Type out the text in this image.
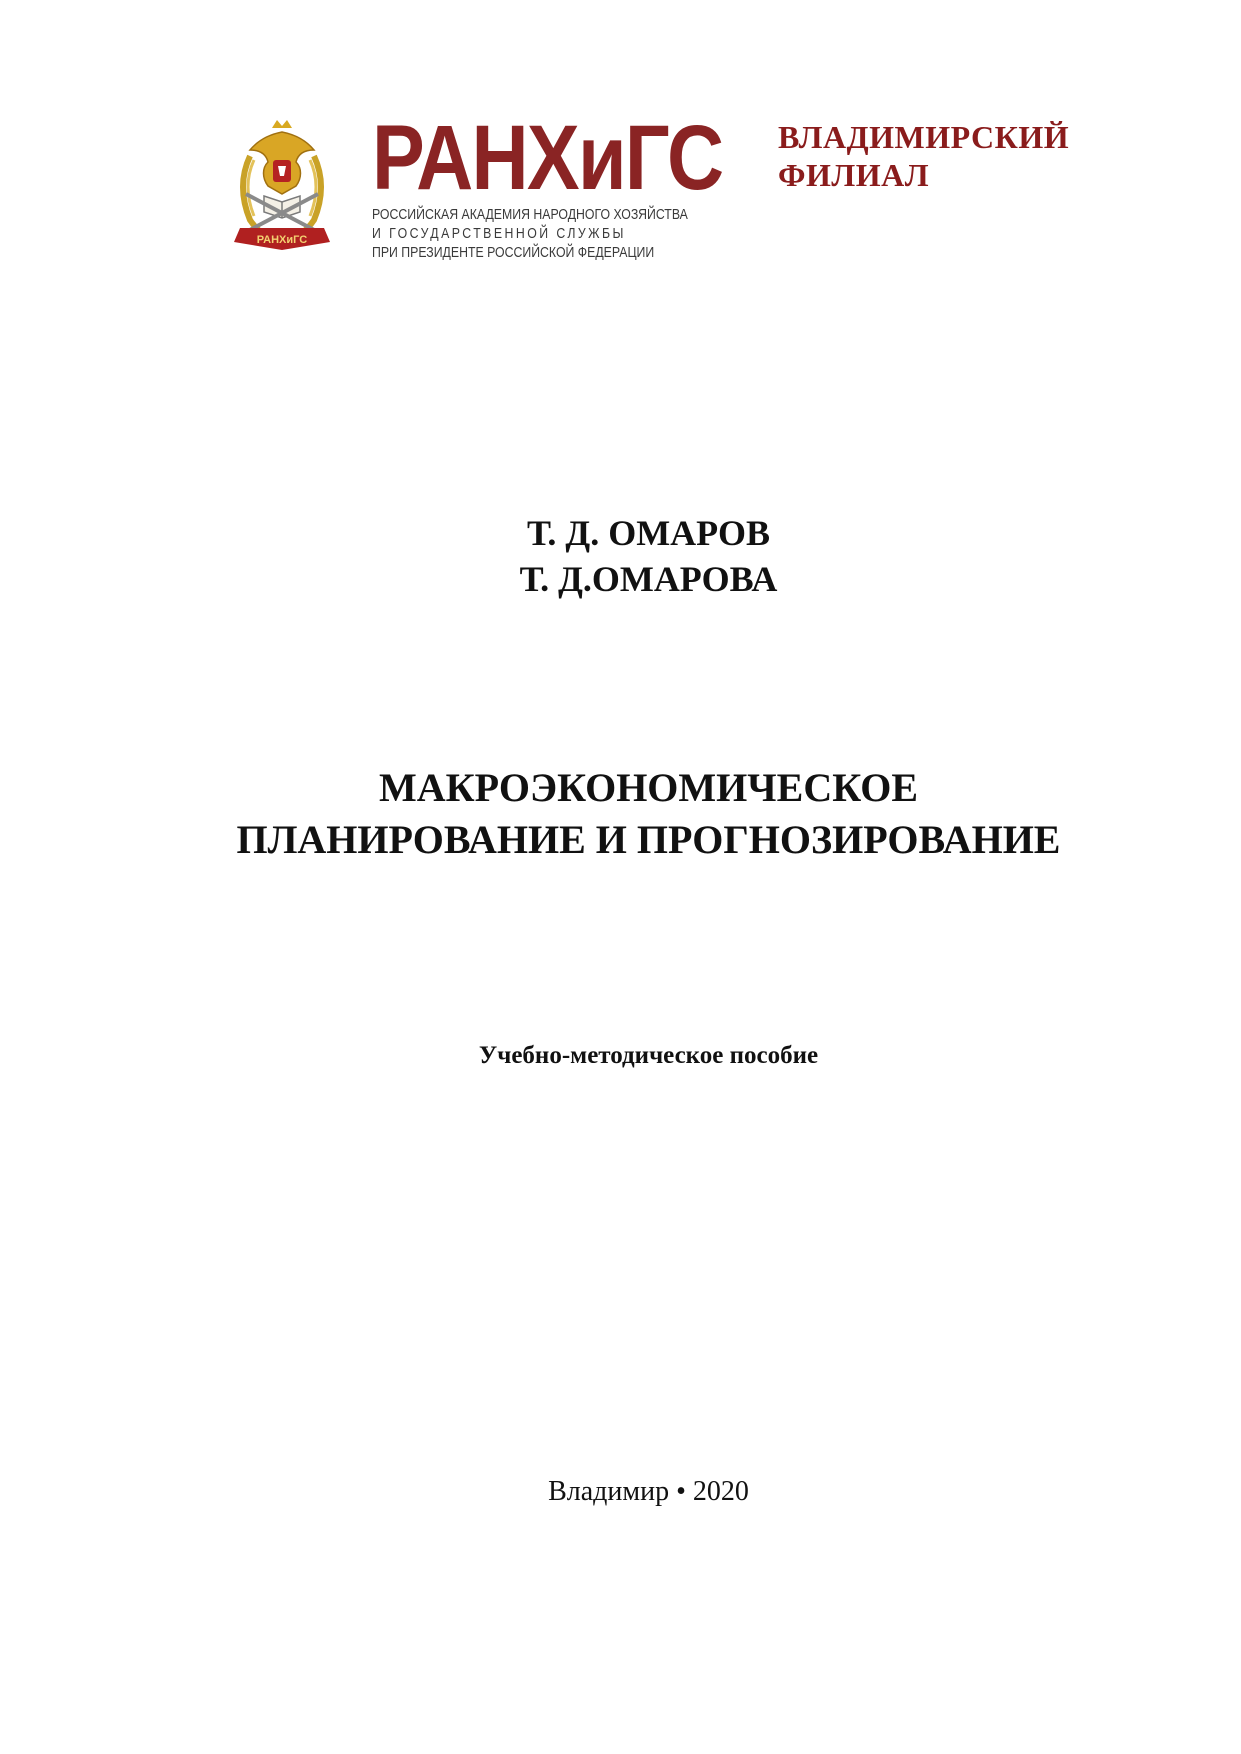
РАНХиГС
РАНХиГС
РОССИЙСКАЯ АКАДЕМИЯ НАРОДНОГО ХОЗЯЙСТВА
И ГОСУДАРСТВЕННОЙ СЛУЖБЫ
ПРИ ПРЕЗИДЕНТЕ РОССИЙСКОЙ ФЕДЕРАЦИИ
ВЛАДИМИРСКИЙ
ФИЛИАЛ
Т. Д. ОМАРОВ
Т. Д.ОМАРОВА
МАКРОЭКОНОМИЧЕСКОЕ
ПЛАНИРОВАНИЕ И ПРОГНОЗИРОВАНИЕ
Учебно-методическое пособие
Владимир • 2020
